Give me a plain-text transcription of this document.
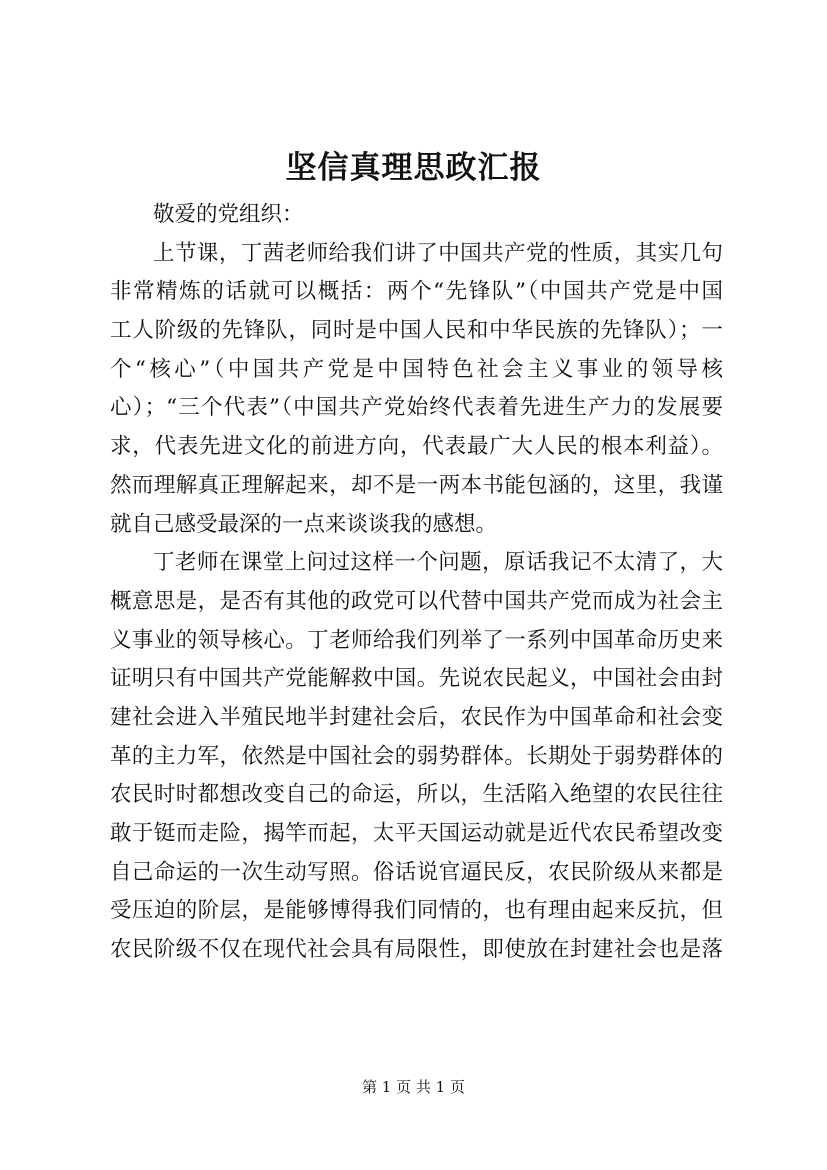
坚信真理思政汇报
敬爱的党组织：
上节课，丁茜老师给我们讲了中国共产党的性质，其实几句
非常精炼的话就可以概括：两个“先锋队”（中国共产党是中国
工人阶级的先锋队，同时是中国人民和中华民族的先锋队）；一
个“核心”（中国共产党是中国特色社会主义事业的领导核
心）；“三个代表”（中国共产党始终代表着先进生产力的发展要
求，代表先进文化的前进方向，代表最广大人民的根本利益）。
然而理解真正理解起来，却不是一两本书能包涵的，这里，我谨
就自己感受最深的一点来谈谈我的感想。
丁老师在课堂上问过这样一个问题，原话我记不太清了，大
概意思是，是否有其他的政党可以代替中国共产党而成为社会主
义事业的领导核心。丁老师给我们列举了一系列中国革命历史来
证明只有中国共产党能解救中国。先说农民起义，中国社会由封
建社会进入半殖民地半封建社会后，农民作为中国革命和社会变
革的主力军，依然是中国社会的弱势群体。长期处于弱势群体的
农民时时都想改变自己的命运，所以，生活陷入绝望的农民往往
敢于铤而走险，揭竿而起，太平天国运动就是近代农民希望改变
自己命运的一次生动写照。俗话说官逼民反，农民阶级从来都是
受压迫的阶层，是能够博得我们同情的，也有理由起来反抗，但
农民阶级不仅在现代社会具有局限性，即使放在封建社会也是落
第 1 页 共 1 页
